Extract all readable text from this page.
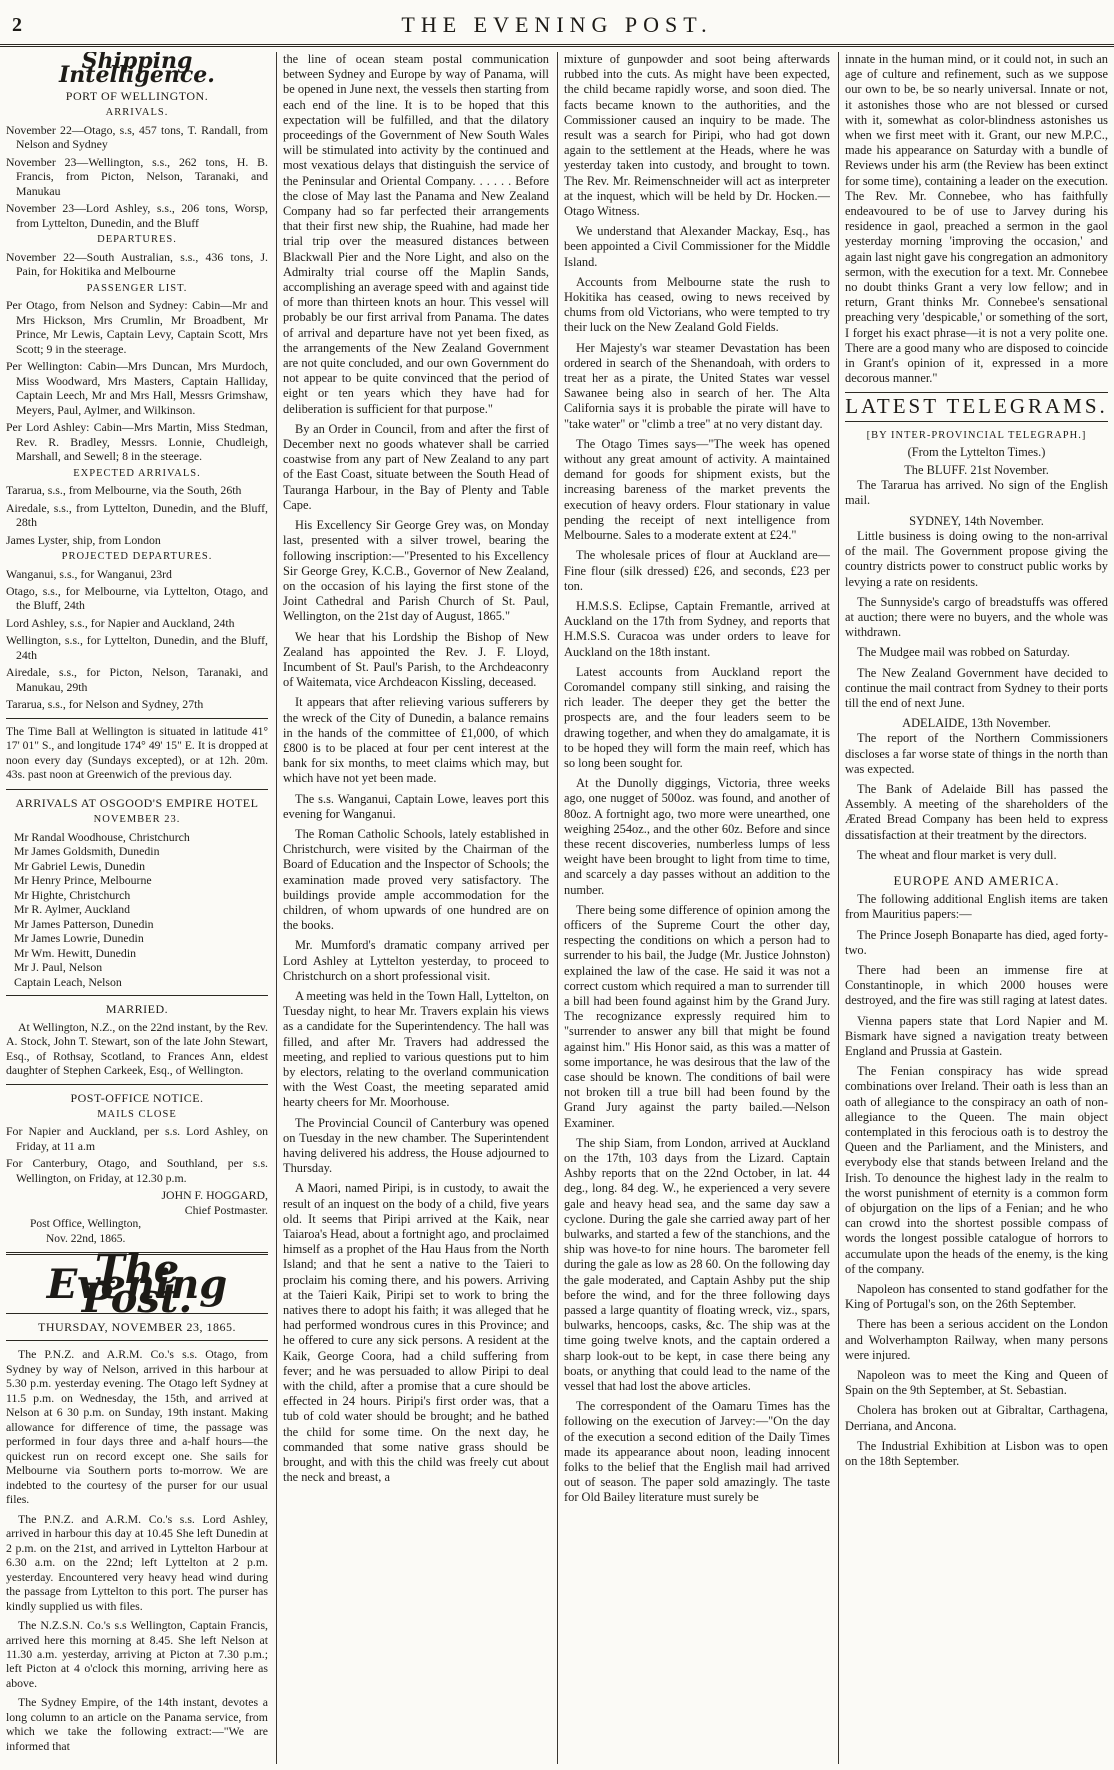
2	THE EVENING POST.
Shipping Intelligence.
PORT OF WELLINGTON.
ARRIVALS.

November 22—Otago, s.s, 457 tons, T. Randall, from Nelson and Sydney

November 23—Wellington, s.s., 262 tons, H. B. Francis, from Picton, Nelson, Taranaki, and Manukau

November 23—Lord Ashley, s.s., 206 tons, Worsp, from Lyttelton, Dunedin, and the Bluff

DEPARTURES.

November 22—South Australian, s.s., 436 tons, J. Pain, for Hokitika and Melbourne

PASSENGER LIST.

Per Otago, from Nelson and Sydney: Cabin—Mr and Mrs Hickson, Mrs Crumlin, Mr Broadbent, Mr Prince, Mr Lewis, Captain Levy, Captain Scott, Mrs Scott; 9 in the steerage.

Per Wellington: Cabin—Mrs Duncan, Mrs Murdoch, Miss Woodward, Mrs Masters, Captain Halliday, Captain Leech, Mr and Mrs Hall, Messrs Grimshaw, Meyers, Paul, Aylmer, and Wilkinson.

Per Lord Ashley: Cabin—Mrs Martin, Miss Stedman, Rev. R. Bradley, Messrs. Lonnie, Chudleigh, Marshall, and Sewell; 8 in the steerage.

EXPECTED ARRIVALS.

Tararua, s.s., from Melbourne, via the South, 26th

Airedale, s.s., from Lyttelton, Dunedin, and the Bluff, 28th

James Lyster, ship, from London

PROJECTED DEPARTURES.

Wanganui, s.s., for Wanganui, 23rd

Otago, s.s., for Melbourne, via Lyttelton, Otago, and the Bluff, 24th

Lord Ashley, s.s., for Napier and Auckland, 24th

Wellington, s.s., for Lyttelton, Dunedin, and the Bluff, 24th

Airedale, s.s., for Picton, Nelson, Taranaki, and Manukau, 29th

Tararua, s.s., for Nelson and Sydney, 27th

The Time Ball at Wellington is situated in latitude 41° 17' 01" S., and longitude 174° 49' 15" E. It is dropped at noon every day (Sundays excepted), or at 12h. 20m. 43s. past noon at Greenwich of the previous day.

ARRIVALS AT OSGOOD'S EMPIRE HOTEL
NOVEMBER 23.
Mr Randal Woodhouse, Christchurch
Mr James Goldsmith, Dunedin
Mr Gabriel Lewis, Dunedin
Mr Henry Prince, Melbourne
Mr Highte, Christchurch
Mr R. Aylmer, Auckland
Mr James Patterson, Dunedin
Mr James Lowrie, Dunedin
Mr Wm. Hewitt, Dunedin
Mr J. Paul, Nelson
Captain Leach, Nelson
MARRIED.

At Wellington, N.Z., on the 22nd instant, by the Rev. A. Stock, John T. Stewart, son of the late John Stewart, Esq., of Rothsay, Scotland, to Frances Ann, eldest daughter of Stephen Carkeek, Esq., of Wellington.

POST-OFFICE NOTICE.
MAILS CLOSE

For Napier and Auckland, per s.s. Lord Ashley, on Friday, at 11 a.m

For Canterbury, Otago, and Southland, per s.s. Wellington, on Friday, at 12.30 p.m.

JOHN F. HOGGARD,
Chief Postmaster.
Post Office, Wellington,
Nov. 22nd, 1865.
The Evening Post.
THURSDAY, NOVEMBER 23, 1865.

The P.N.Z. and A.R.M. Co.'s s.s. Otago, from Sydney by way of Nelson, arrived in this harbour at 5.30 p.m. yesterday evening. The Otago left Sydney at 11.5 p.m. on Wednesday, the 15th, and arrived at Nelson at 6 30 p.m. on Sunday, 19th instant. Making allowance for difference of time, the passage was performed in four days three and a-half hours—the quickest run on record except one. She sails for Melbourne via Southern ports to-morrow. We are indebted to the courtesy of the purser for our usual files.

The P.N.Z. and A.R.M. Co.'s s.s. Lord Ashley, arrived in harbour this day at 10.45 She left Dunedin at 2 p.m. on the 21st, and arrived in Lyttelton Harbour at 6.30 a.m. on the 22nd; left Lyttelton at 2 p.m. yesterday. Encountered very heavy head wind during the passage from Lyttelton to this port. The purser has kindly supplied us with files.

The N.Z.S.N. Co.'s s.s Wellington, Captain Francis, arrived here this morning at 8.45. She left Nelson at 11.30 a.m. yesterday, arriving at Picton at 7.30 p.m.; left Picton at 4 o'clock this morning, arriving here as above.

The Sydney Empire, of the 14th instant, devotes a long column to an article on the Panama service, from which we take the following extract:—"We are informed that

the line of ocean steam postal communication between Sydney and Europe by way of Panama, will be opened in June next, the vessels then starting from each end of the line. It is to be hoped that this expectation will be fulfilled, and that the dilatory proceedings of the Government of New South Wales will be stimulated into activity by the continued and most vexatious delays that distinguish the service of the Peninsular and Oriental Company. . . . . . Before the close of May last the Panama and New Zealand Company had so far perfected their arrangements that their first new ship, the Ruahine, had made her trial trip over the measured distances between Blackwall Pier and the Nore Light, and also on the Admiralty trial course off the Maplin Sands, accomplishing an average speed with and against tide of more than thirteen knots an hour. This vessel will probably be our first arrival from Panama. The dates of arrival and departure have not yet been fixed, as the arrangements of the New Zealand Government are not quite concluded, and our own Government do not appear to be quite convinced that the period of eight or ten years which they have had for deliberation is sufficient for that purpose."

By an Order in Council, from and after the first of December next no goods whatever shall be carried coastwise from any part of New Zealand to any part of the East Coast, situate between the South Head of Tauranga Harbour, in the Bay of Plenty and Table Cape.

His Excellency Sir George Grey was, on Monday last, presented with a silver trowel, bearing the following inscription:—"Presented to his Excellency Sir George Grey, K.C.B., Governor of New Zealand, on the occasion of his laying the first stone of the Joint Cathedral and Parish Church of St. Paul, Wellington, on the 21st day of August, 1865."

We hear that his Lordship the Bishop of New Zealand has appointed the Rev. J. F. Lloyd, Incumbent of St. Paul's Parish, to the Archdeaconry of Waitemata, vice Archdeacon Kissling, deceased.

It appears that after relieving various sufferers by the wreck of the City of Dunedin, a balance remains in the hands of the committee of £1,000, of which £800 is to be placed at four per cent interest at the bank for six months, to meet claims which may, but which have not yet been made.

The s.s. Wanganui, Captain Lowe, leaves port this evening for Wanganui.

The Roman Catholic Schools, lately established in Christchurch, were visited by the Chairman of the Board of Education and the Inspector of Schools; the examination made proved very satisfactory. The buildings provide ample accommodation for the children, of whom upwards of one hundred are on the books.

Mr. Mumford's dramatic company arrived per Lord Ashley at Lyttelton yesterday, to proceed to Christchurch on a short professional visit.

A meeting was held in the Town Hall, Lyttelton, on Tuesday night, to hear Mr. Travers explain his views as a candidate for the Superintendency. The hall was filled, and after Mr. Travers had addressed the meeting, and replied to various questions put to him by electors, relating to the overland communication with the West Coast, the meeting separated amid hearty cheers for Mr. Moorhouse.

The Provincial Council of Canterbury was opened on Tuesday in the new chamber. The Superintendent having delivered his address, the House adjourned to Thursday.

A Maori, named Piripi, is in custody, to await the result of an inquest on the body of a child, five years old. It seems that Piripi arrived at the Kaik, near Taiaroa's Head, about a fortnight ago, and proclaimed himself as a prophet of the Hau Haus from the North Island; and that he sent a native to the Taieri to proclaim his coming there, and his powers. Arriving at the Taieri Kaik, Piripi set to work to bring the natives there to adopt his faith; it was alleged that he had performed wondrous cures in this Province; and he offered to cure any sick persons. A resident at the Kaik, George Coora, had a child suffering from fever; and he was persuaded to allow Piripi to deal with the child, after a promise that a cure should be effected in 24 hours. Piripi's first order was, that a tub of cold water should be brought; and he bathed the child for some time. On the next day, he commanded that some native grass should be brought, and with this the child was freely cut about the neck and breast, a

mixture of gunpowder and soot being afterwards rubbed into the cuts. As might have been expected, the child became rapidly worse, and soon died. The facts became known to the authorities, and the Commissioner caused an inquiry to be made. The result was a search for Piripi, who had got down again to the settlement at the Heads, where he was yesterday taken into custody, and brought to town. The Rev. Mr. Reimenschneider will act as interpreter at the inquest, which will be held by Dr. Hocken.—Otago Witness.

We understand that Alexander Mackay, Esq., has been appointed a Civil Commissioner for the Middle Island.

Accounts from Melbourne state the rush to Hokitika has ceased, owing to news received by chums from old Victorians, who were tempted to try their luck on the New Zealand Gold Fields.

Her Majesty's war steamer Devastation has been ordered in search of the Shenandoah, with orders to treat her as a pirate, the United States war vessel Sawanee being also in search of her. The Alta California says it is probable the pirate will have to "take water" or "climb a tree" at no very distant day.

The Otago Times says—"The week has opened without any great amount of activity. A maintained demand for goods for shipment exists, but the increasing bareness of the market prevents the execution of heavy orders. Flour stationary in value pending the receipt of next intelligence from Melbourne. Sales to a moderate extent at £24."

The wholesale prices of flour at Auckland are—Fine flour (silk dressed) £26, and seconds, £23 per ton.

H.M.S.S. Eclipse, Captain Fremantle, arrived at Auckland on the 17th from Sydney, and reports that H.M.S.S. Curacoa was under orders to leave for Auckland on the 18th instant.

Latest accounts from Auckland report the Coromandel company still sinking, and raising the rich leader. The deeper they get the better the prospects are, and the four leaders seem to be drawing together, and when they do amalgamate, it is to be hoped they will form the main reef, which has so long been sought for.

At the Dunolly diggings, Victoria, three weeks ago, one nugget of 500oz. was found, and another of 80oz. A fortnight ago, two more were unearthed, one weighing 254oz., and the other 60z. Before and since these recent discoveries, numberless lumps of less weight have been brought to light from time to time, and scarcely a day passes without an addition to the number.

There being some difference of opinion among the officers of the Supreme Court the other day, respecting the conditions on which a person had to surrender to his bail, the Judge (Mr. Justice Johnston) explained the law of the case. He said it was not a correct custom which required a man to surrender till a bill had been found against him by the Grand Jury. The recognizance expressly required him to "surrender to answer any bill that might be found against him." His Honor said, as this was a matter of some importance, he was desirous that the law of the case should be known. The conditions of bail were not broken till a true bill had been found by the Grand Jury against the party bailed.—Nelson Examiner.

The ship Siam, from London, arrived at Auckland on the 17th, 103 days from the Lizard. Captain Ashby reports that on the 22nd October, in lat. 44 deg., long. 84 deg. W., he experienced a very severe gale and heavy head sea, and the same day saw a cyclone. During the gale she carried away part of her bulwarks, and started a few of the stanchions, and the ship was hove-to for nine hours. The barometer fell during the gale as low as 28 60. On the following day the gale moderated, and Captain Ashby put the ship before the wind, and for the three following days passed a large quantity of floating wreck, viz., spars, bulwarks, hencoops, casks, &c. The ship was at the time going twelve knots, and the captain ordered a sharp look-out to be kept, in case there being any boats, or anything that could lead to the name of the vessel that had lost the above articles.

The correspondent of the Oamaru Times has the following on the execution of Jarvey:—"On the day of the execution a second edition of the Daily Times made its appearance about noon, leading innocent folks to the belief that the English mail had arrived out of season. The paper sold amazingly. The taste for Old Bailey literature must surely be

innate in the human mind, or it could not, in such an age of culture and refinement, such as we suppose our own to be, be so nearly universal. Innate or not, it astonishes those who are not blessed or cursed with it, somewhat as color-blindness astonishes us when we first meet with it. Grant, our new M.P.C., made his appearance on Saturday with a bundle of Reviews under his arm (the Review has been extinct for some time), containing a leader on the execution. The Rev. Mr. Connebee, who has faithfully endeavoured to be of use to Jarvey during his residence in gaol, preached a sermon in the gaol yesterday morning 'improving the occasion,' and again last night gave his congregation an admonitory sermon, with the execution for a text. Mr. Connebee no doubt thinks Grant a very low fellow; and in return, Grant thinks Mr. Connebee's sensational preaching very 'despicable,' or something of the sort, I forget his exact phrase—it is not a very polite one. There are a good many who are disposed to coincide in Grant's opinion of it, expressed in a more decorous manner."

LATEST TELEGRAMS.
[BY INTER-PROVINCIAL TELEGRAPH.]
(From the Lyttelton Times.)
The BLUFF. 21st November.

The Tararua has arrived. No sign of the English mail.

SYDNEY, 14th November.

Little business is doing owing to the non-arrival of the mail. The Government propose giving the country districts power to construct public works by levying a rate on residents.

The Sunnyside's cargo of breadstuffs was offered at auction; there were no buyers, and the whole was withdrawn.

The Mudgee mail was robbed on Saturday.

The New Zealand Government have decided to continue the mail contract from Sydney to their ports till the end of next June.

ADELAIDE, 13th November.

The report of the Northern Commissioners discloses a far worse state of things in the north than was expected.

The Bank of Adelaide Bill has passed the Assembly. A meeting of the shareholders of the Ærated Bread Company has been held to express dissatisfaction at their treatment by the directors.

The wheat and flour market is very dull.

EUROPE AND AMERICA.

The following additional English items are taken from Mauritius papers:—

The Prince Joseph Bonaparte has died, aged forty-two.

There had been an immense fire at Constantinople, in which 2000 houses were destroyed, and the fire was still raging at latest dates.

Vienna papers state that Lord Napier and M. Bismark have signed a navigation treaty between England and Prussia at Gastein.

The Fenian conspiracy has wide spread combinations over Ireland. Their oath is less than an oath of allegiance to the conspiracy an oath of non-allegiance to the Queen. The main object contemplated in this ferocious oath is to destroy the Queen and the Parliament, and the Ministers, and everybody else that stands between Ireland and the Irish. To denounce the highest lady in the realm to the worst punishment of eternity is a common form of objurgation on the lips of a Fenian; and he who can crowd into the shortest possible compass of words the longest possible catalogue of horrors to accumulate upon the heads of the enemy, is the king of the company.

Napoleon has consented to stand godfather for the King of Portugal's son, on the 26th September.

There has been a serious accident on the London and Wolverhampton Railway, when many persons were injured.

Napoleon was to meet the King and Queen of Spain on the 9th September, at St. Sebastian.

Cholera has broken out at Gibraltar, Carthagena, Derriana, and Ancona.

The Industrial Exhibition at Lisbon was to open on the 18th September.
